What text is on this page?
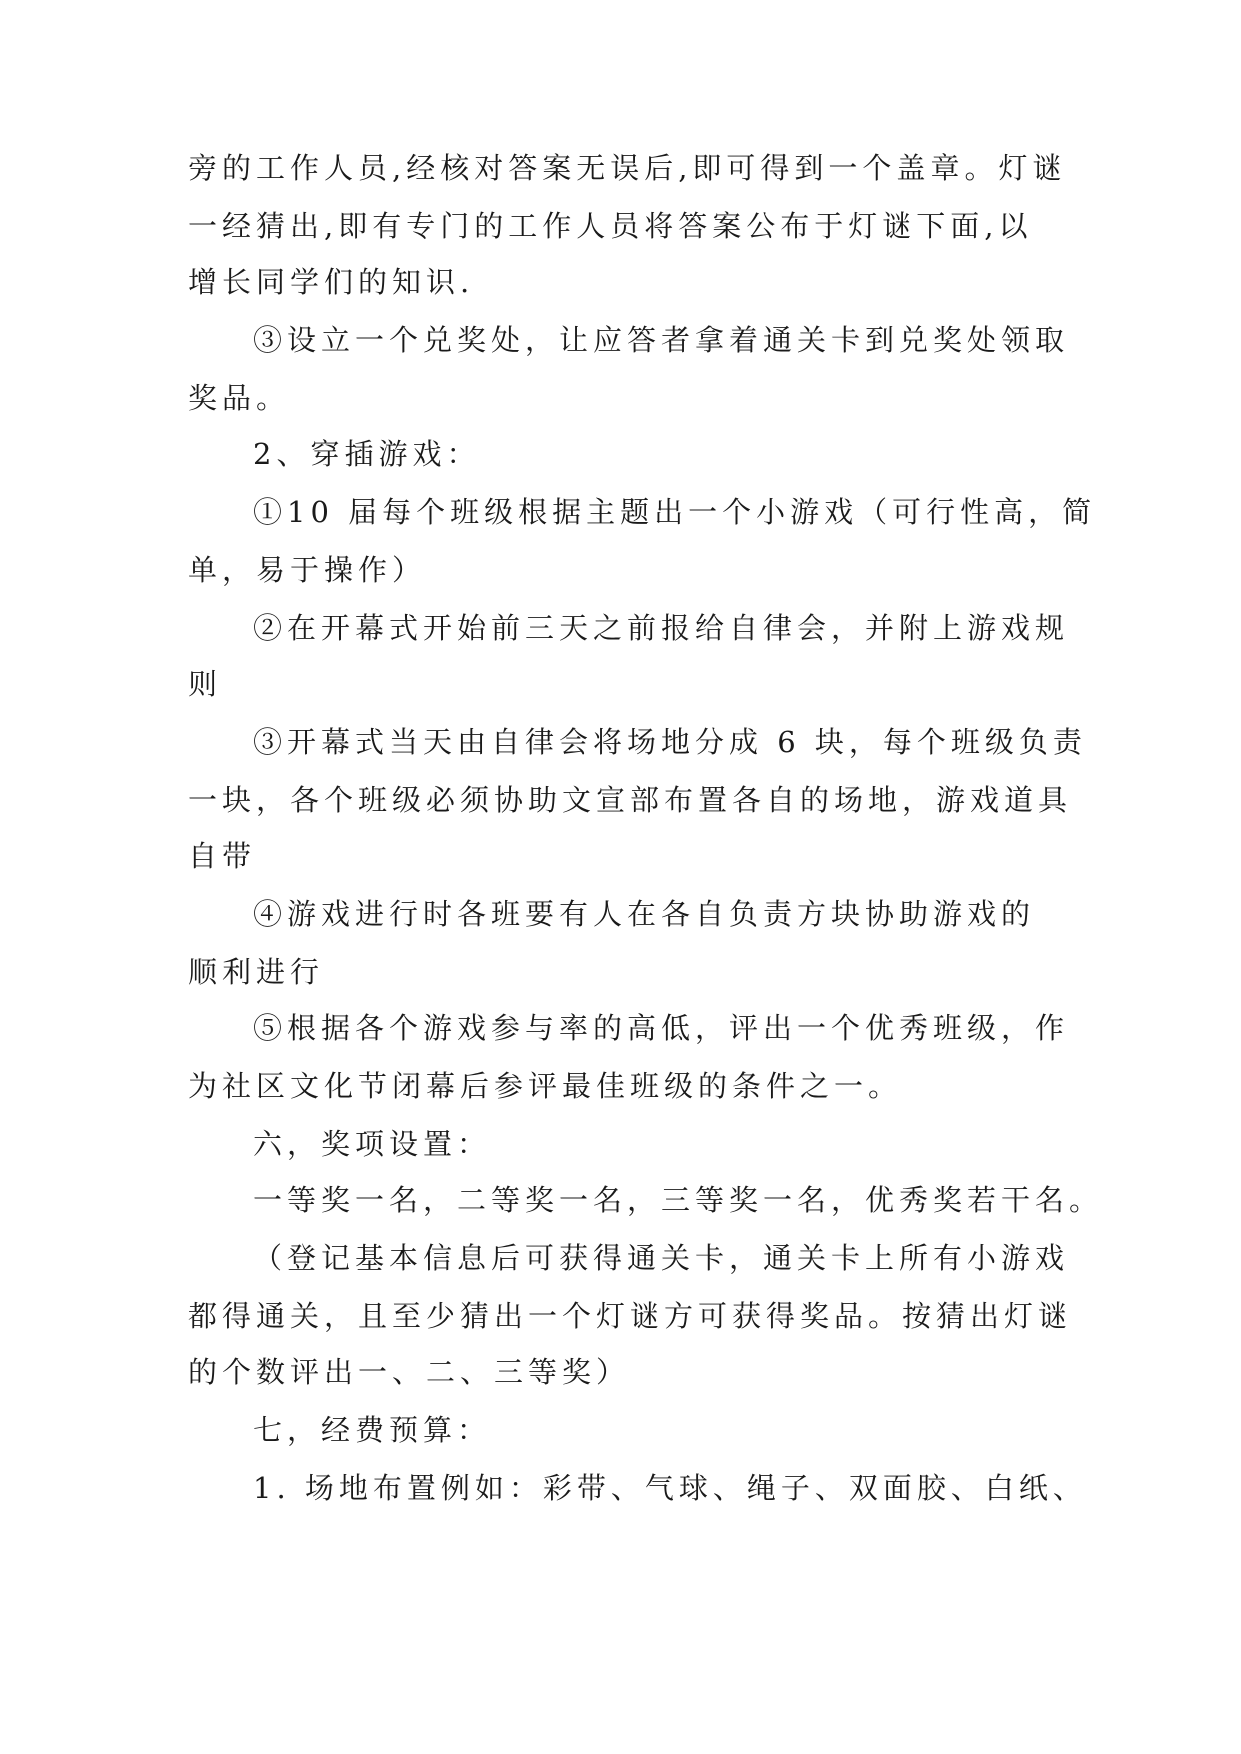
旁的工作人员,经核对答案无误后,即可得到一个盖章。灯谜
一经猜出,即有专门的工作人员将答案公布于灯谜下面,以
增长同学们的知识.
③设立一个兑奖处，让应答者拿着通关卡到兑奖处领取
奖品。
2、穿插游戏：
①10 届每个班级根据主题出一个小游戏（可行性高，简
单，易于操作）
②在开幕式开始前三天之前报给自律会，并附上游戏规
则
③开幕式当天由自律会将场地分成 6 块，每个班级负责
一块，各个班级必须协助文宣部布置各自的场地，游戏道具
自带
④游戏进行时各班要有人在各自负责方块协助游戏的
顺利进行
⑤根据各个游戏参与率的高低，评出一个优秀班级，作
为社区文化节闭幕后参评最佳班级的条件之一。
六，奖项设置：
一等奖一名，二等奖一名，三等奖一名，优秀奖若干名。
（登记基本信息后可获得通关卡，通关卡上所有小游戏
都得通关，且至少猜出一个灯谜方可获得奖品。按猜出灯谜
的个数评出一、二、三等奖）
七，经费预算：
1. 场地布置例如：彩带、气球、绳子、双面胶、白纸、
